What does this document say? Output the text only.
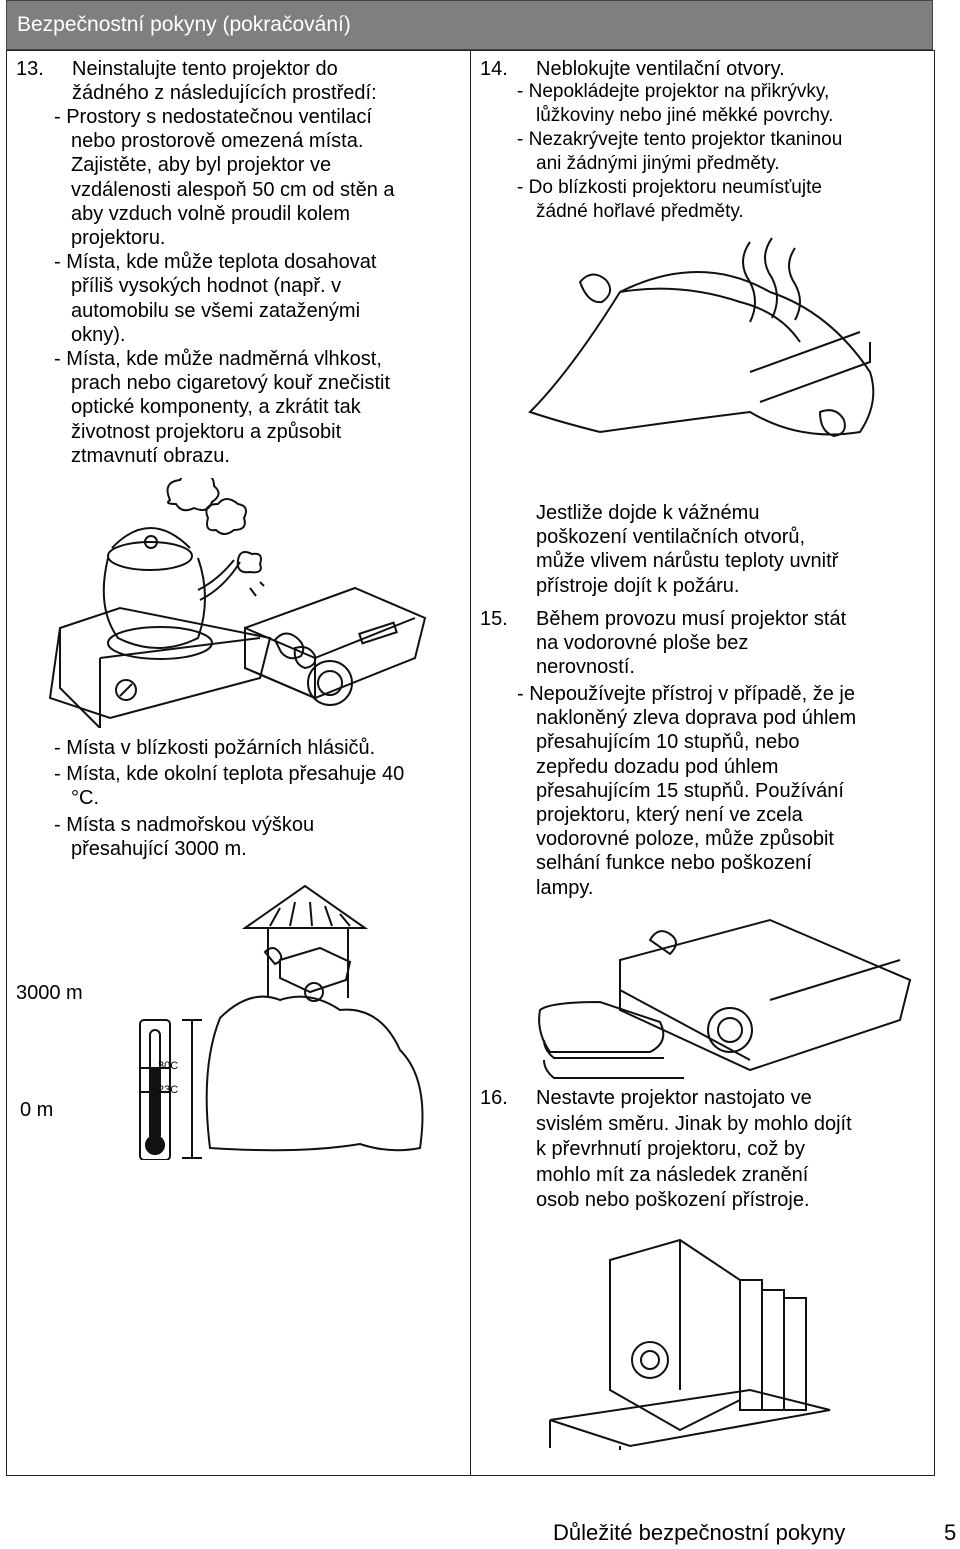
Bezpečnostní pokyny (pokračování)
13. Neinstalujte tento projektor do
žádného z následujících prostředí:
- Prostory s nedostatečnou ventilací
nebo prostorově omezená místa.
Zajistěte, aby byl projektor ve
vzdálenosti alespoň 50 cm od stěn a
aby vzduch volně proudil kolem
projektoru.
- Místa, kde může teplota dosahovat
příliš vysokých hodnot (např. v
automobilu se všemi zataženými
okny).
- Místa, kde může nadměrná vlhkost,
prach nebo cigaretový kouř znečistit
optické komponenty, a zkrátit tak
životnost projektoru a způsobit
ztmavnutí obrazu.
- Místa v blízkosti požárních hlásičů.
- Místa, kde okolní teplota přesahuje 40
°C.
- Místa s nadmořskou výškou
přesahující 3000 m.
3000 m
0 m
30C
23C
14. Neblokujte ventilační otvory.
- Nepokládejte projektor na přikrývky,
lůžkoviny nebo jiné měkké povrchy.
- Nezakrývejte tento projektor tkaninou
ani žádnými jinými předměty.
- Do blízkosti projektoru neumísťujte
žádné hořlavé předměty.
Jestliže dojde k vážnému
poškození ventilačních otvorů,
může vlivem nárůstu teploty uvnitř
přístroje dojít k požáru.
15. Během provozu musí projektor stát
na vodorovné ploše bez
nerovností.
- Nepoužívejte přístroj v případě, že je
nakloněný zleva doprava pod úhlem
přesahujícím 10 stupňů, nebo
zepředu dozadu pod úhlem
přesahujícím 15 stupňů. Používání
projektoru, který není ve zcela
vodorovné poloze, může způsobit
selhání funkce nebo poškození
lampy.
16. Nestavte projektor nastojato ve
svislém směru. Jinak by mohlo dojít
k převrhnutí projektoru, což by
mohlo mít za následek zranění
osob nebo poškození přístroje.
Důležité bezpečnostní pokyny	5
